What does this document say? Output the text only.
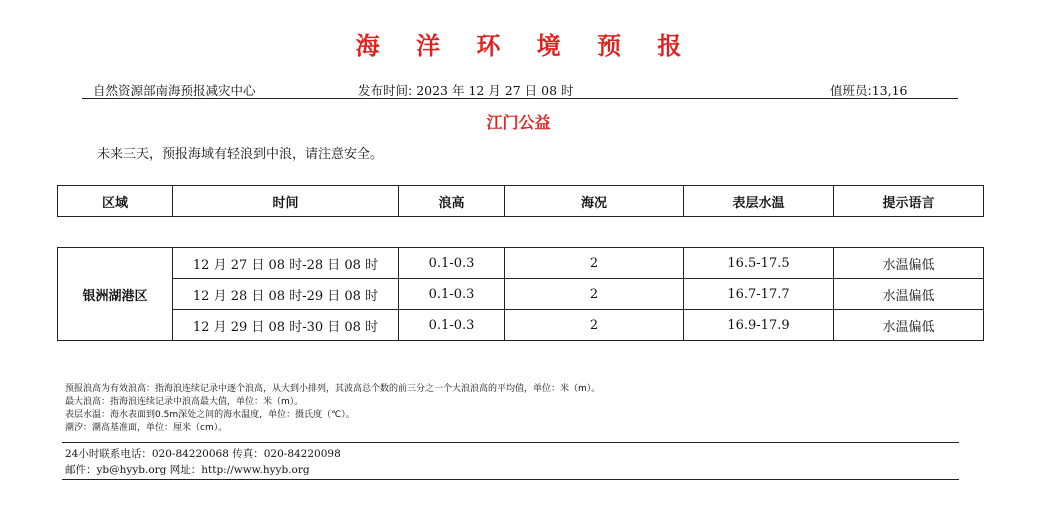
海 洋 环 境 预 报
自然资源部南海预报减灾中心	发布时间: 2023 年 12 月 27 日 08 时	值班员:13,16
江门公益
未来三天，预报海域有轻浪到中浪，请注意安全。
区域	时间	浪高	海况	表层水温	提示语言
银洲湖港区	12 月 27 日 08 时-28 日 08 时	0.1-0.3	2	16.5-17.5	水温偏低
	12 月 28 日 08 时-29 日 08 时	0.1-0.3	2	16.7-17.7	水温偏低
	12 月 29 日 08 时-30 日 08 时	0.1-0.3	2	16.9-17.9	水温偏低
预报浪高为有效浪高：指海浪连续记录中逐个浪高，从大到小排列，其波高总个数的前三分之一个大浪浪高的平均值，单位：米（m）。
最大浪高：指海浪连续记录中浪高最大值，单位：米（m）。
表层水温：海水表面到0.5m深处之间的海水温度，单位：摄氏度（℃）。
潮汐：潮高基准面，单位：厘米（cm）。
24小时联系电话：020-84220068 传真：020-84220098
邮件：yb@hyyb.org 网址：http://www.hyyb.org
